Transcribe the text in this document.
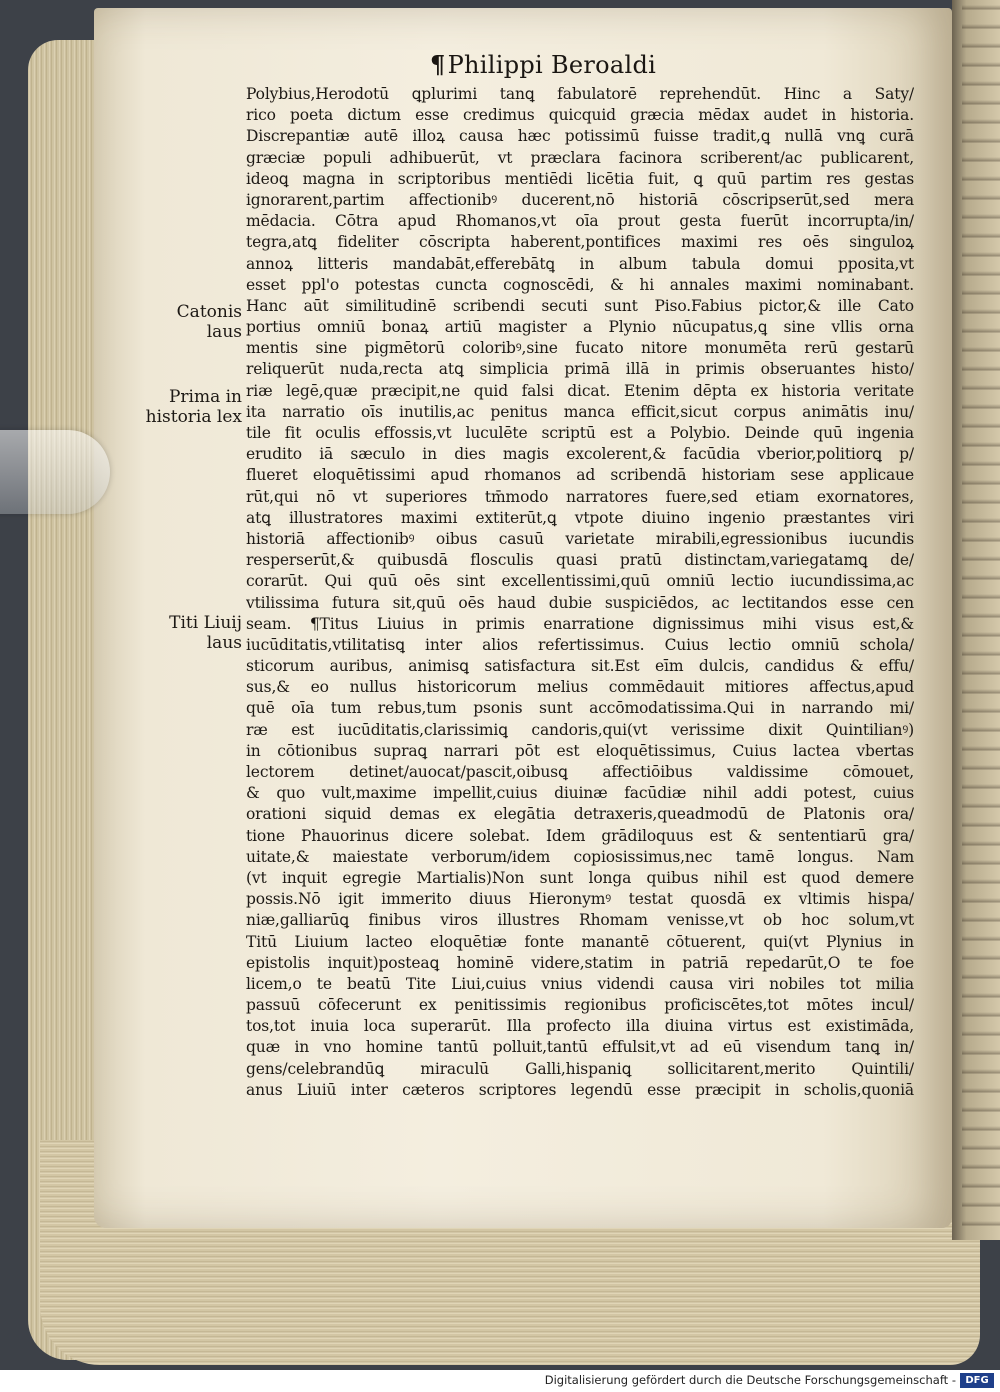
¶Philippi Beroaldi
Catonis
laus
Prima in
historia lex
Titi Liuij
laus
Polybius,Herodotū ꝗplurimi tanꝗ fabulatorē reprehendūt. Hinc a Saty/
rico poeta dictum esse credimus quicquid græcia mēdax audet in historia.
Discrepantiæ autē illoꝝ causa hæc potissimū fuisse tradit,ꝗ nullā vnꝗ curā
græciæ populi adhibuerūt, vt præclara facinora scriberent/ac publicarent,
ideoꝗ magna in scriptoribus mentiēdi licētia fuit, ꝗ quū partim res gestas
ignorarent,partim affectionibꝰ ducerent,nō historiā cōscripserūt,sed mera
mēdacia. Cōtra apud Rhomanos,vt oīa prout gesta fuerūt incorrupta/in/
tegra,atꝗ fideliter cōscripta haberent,pontifices maximi res oēs singuloꝝ
annoꝝ litteris mandabāt,efferebātꝗ in album tabula domui pposita,vt
esset ppl'o potestas cuncta cognoscēdi, & hi annales maximi nominabant.
Hanc aūt similitudinē scribendi secuti sunt Piso.Fabius pictor,& ille Cato
portius omniū bonaꝝ artiū magister a Plynio nūcupatus,ꝗ sine vllis orna
mentis sine pigmētorū coloribꝰ,sine fucato nitore monumēta rerū gestarū
reliquerūt nuda,recta atꝗ simplicia primā illā in primis obseruantes histo/
riæ legē,quæ præcipit,ne quid falsi dicat. Etenim dēpta ex historia veritate
ita narratio oīs inutilis,ac penitus manca efficit,sicut corpus animātis inu/
tile fit oculis effossis,vt luculēte scriptū est a Polybio. Deinde quū ingenia
erudito iā sæculo in dies magis excolerent,& facūdia vberior,politiorꝗ p/
flueret eloquētissimi apud rhomanos ad scribendā historiam sese applicaue
rūt,qui nō vt superiores tm̄modo narratores fuere,sed etiam exornatores,
atꝗ illustratores maximi extiterūt,ꝗ vtpote diuino ingenio præstantes viri
historiā affectionibꝰ oibus casuū varietate mirabili,egressionibus iucundis
resperserūt,& quibusdā flosculis quasi pratū distinctam,variegatamꝗ de/
corarūt. Qui quū oēs sint excellentissimi,quū omniū lectio iucundissima,ac
vtilissima futura sit,quū oēs haud dubie suspiciēdos, ac lectitandos esse cen
seam. ¶Titus Liuius in primis enarratione dignissimus mihi visus est,&
iucūditatis,vtilitatisꝗ inter alios refertissimus. Cuius lectio omniū schola/
sticorum auribus, animisꝗ satisfactura sit.Est eīm dulcis, candidus & effu/
sus,& eo nullus historicorum melius commēdauit mitiores affectus,apud
quē oīa tum rebus,tum psonis sunt accōmodatissima.Qui in narrando mi/
ræ est iucūditatis,clarissimiꝗ candoris,qui(vt verissime dixit Quintilianꝰ)
in cōtionibus supraꝗ narrari pōt est eloquētissimus, Cuius lactea vbertas
lectorem detinet/auocat/pascit,oibusꝗ affectiōibus valdissime cōmouet,
& quo vult,maxime impellit,cuius diuinæ facūdiæ nihil addi potest, cuius
orationi siquid demas ex elegātia detraxeris,queadmodū de Platonis ora/
tione Phauorinus dicere solebat. Idem grādiloquus est & sententiarū gra/
uitate,& maiestate verborum/idem copiosissimus,nec tamē longus. Nam
(vt inquit egregie Martialis)Non sunt longa quibus nihil est quod demere
possis.Nō igit immerito diuus Hieronymꝰ testat quosdā ex vltimis hispa/
niæ,galliarūꝗ finibus viros illustres Rhomam venisse,vt ob hoc solum,vt
Titū Liuium lacteo eloquētiæ fonte manantē cōtuerent, qui(vt Plynius in
epistolis inquit)posteaꝗ hominē videre,statim in patriā repedarūt,O te foe
licem,o te beatū Tite Liui,cuius vnius videndi causa viri nobiles tot milia
passuū cōfecerunt ex penitissimis regionibus proficiscētes,tot mōtes incul/
tos,tot inuia loca superarūt. Illa profecto illa diuina virtus est existimāda,
quæ in vno homine tantū polluit,tantū effulsit,vt ad eū visendum tanꝗ in/
gens/celebrandūꝗ miraculū Galli,hispaniꝗ sollicitarent,merito Quintili/
anus Liuiū inter cæteros scriptores legendū esse præcipit in scholis,quoniā
Digitalisierung gefördert durch die Deutsche Forschungsgemeinschaft - DFG
